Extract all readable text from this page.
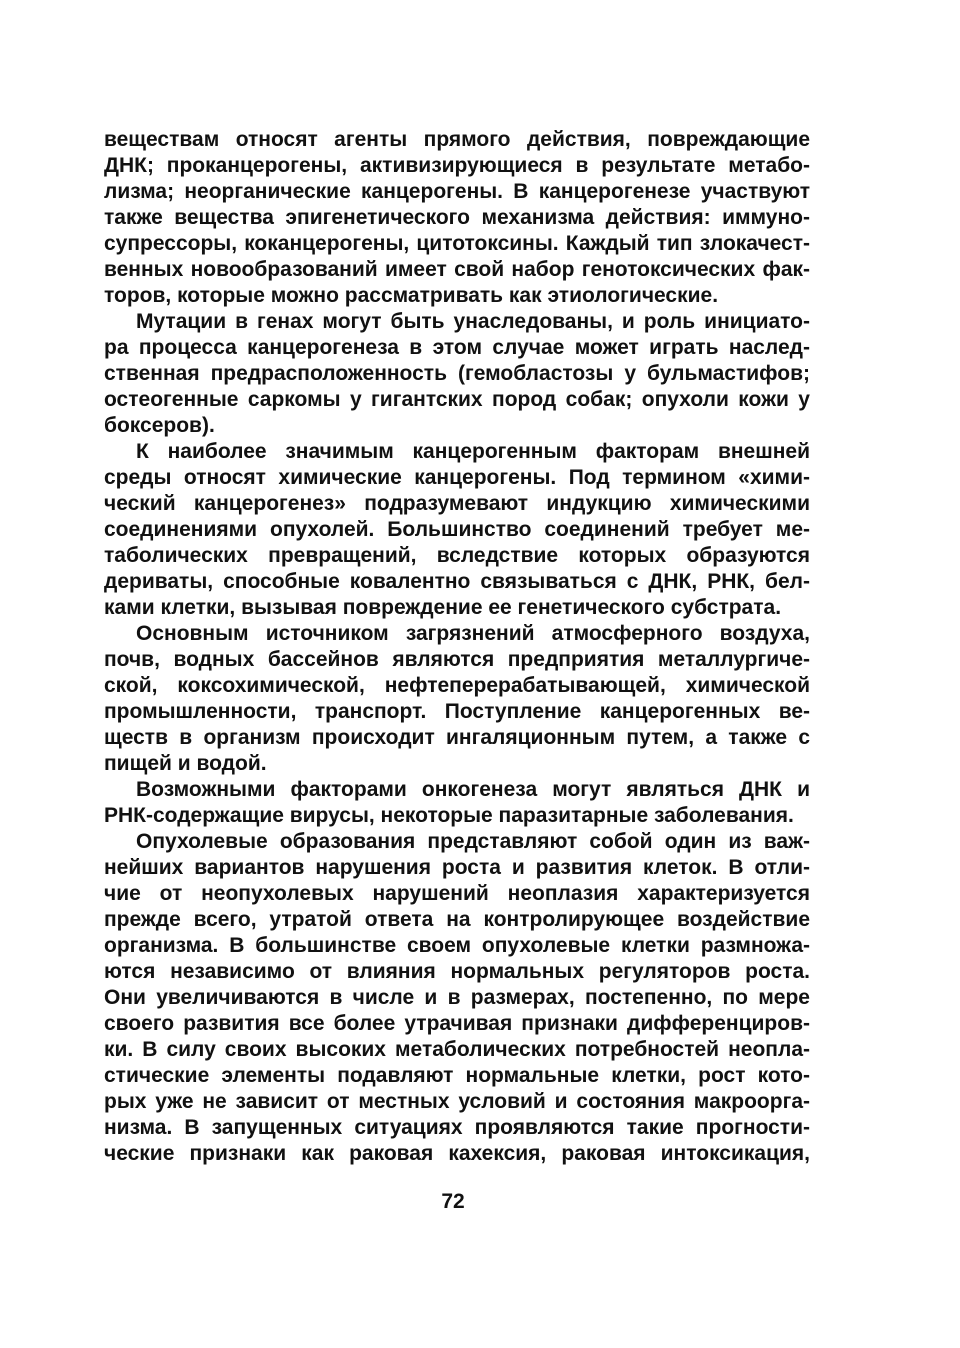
веществам относят агенты прямого действия, повреждающие
ДНК; проканцерогены, активизирующиеся в результате метабо-
лизма; неорганические канцерогены. В канцерогенезе участвуют
также вещества эпигенетического механизма действия: иммуно-
супрессоры, коканцерогены, цитотоксины. Каждый тип злокачест-
венных новообразований имеет свой набор генотоксических фак-
торов, которые можно рассматривать как этиологические.
Мутации в генах могут быть унаследованы, и роль инициато-
ра процесса канцерогенеза в этом случае может играть наслед-
ственная предрасположенность (гемобластозы у бульмастифов;
остеогенные саркомы у гигантских пород собак; опухоли кожи у
боксеров).
К наиболее значимым канцерогенным факторам внешней
среды относят химические канцерогены. Под термином «хими-
ческий канцерогенез» подразумевают индукцию химическими
соединениями опухолей. Большинство соединений требует ме-
таболических превращений, вследствие которых образуются
дериваты, способные ковалентно связываться с ДНК, РНК, бел-
ками клетки, вызывая повреждение ее генетического субстрата.
Основным источником загрязнений атмосферного воздуха,
почв, водных бассейнов являются предприятия металлургиче-
ской, коксохимической, нефтеперерабатывающей, химической
промышленности, транспорт. Поступление канцерогенных ве-
ществ в организм происходит ингаляционным путем, а также с
пищей и водой.
Возможными факторами онкогенеза могут являться ДНК и
РНК-содержащие вирусы, некоторые паразитарные заболевания.
Опухолевые образования представляют собой один из важ-
нейших вариантов нарушения роста и развития клеток. В отли-
чие от неопухолевых нарушений неоплазия характеризуется
прежде всего, утратой ответа на контролирующее воздействие
организма. В большинстве своем опухолевые клетки размножа-
ются независимо от влияния нормальных регуляторов роста.
Они увеличиваются в числе и в размерах, постепенно, по мере
своего развития все более утрачивая признаки дифференциров-
ки. В силу своих высоких метаболических потребностей неопла-
стические элементы подавляют нормальные клетки, рост кото-
рых уже не зависит от местных условий и состояния макроорга-
низма. В запущенных ситуациях проявляются такие прогности-
ческие признаки как раковая кахексия, раковая интоксикация,
72
